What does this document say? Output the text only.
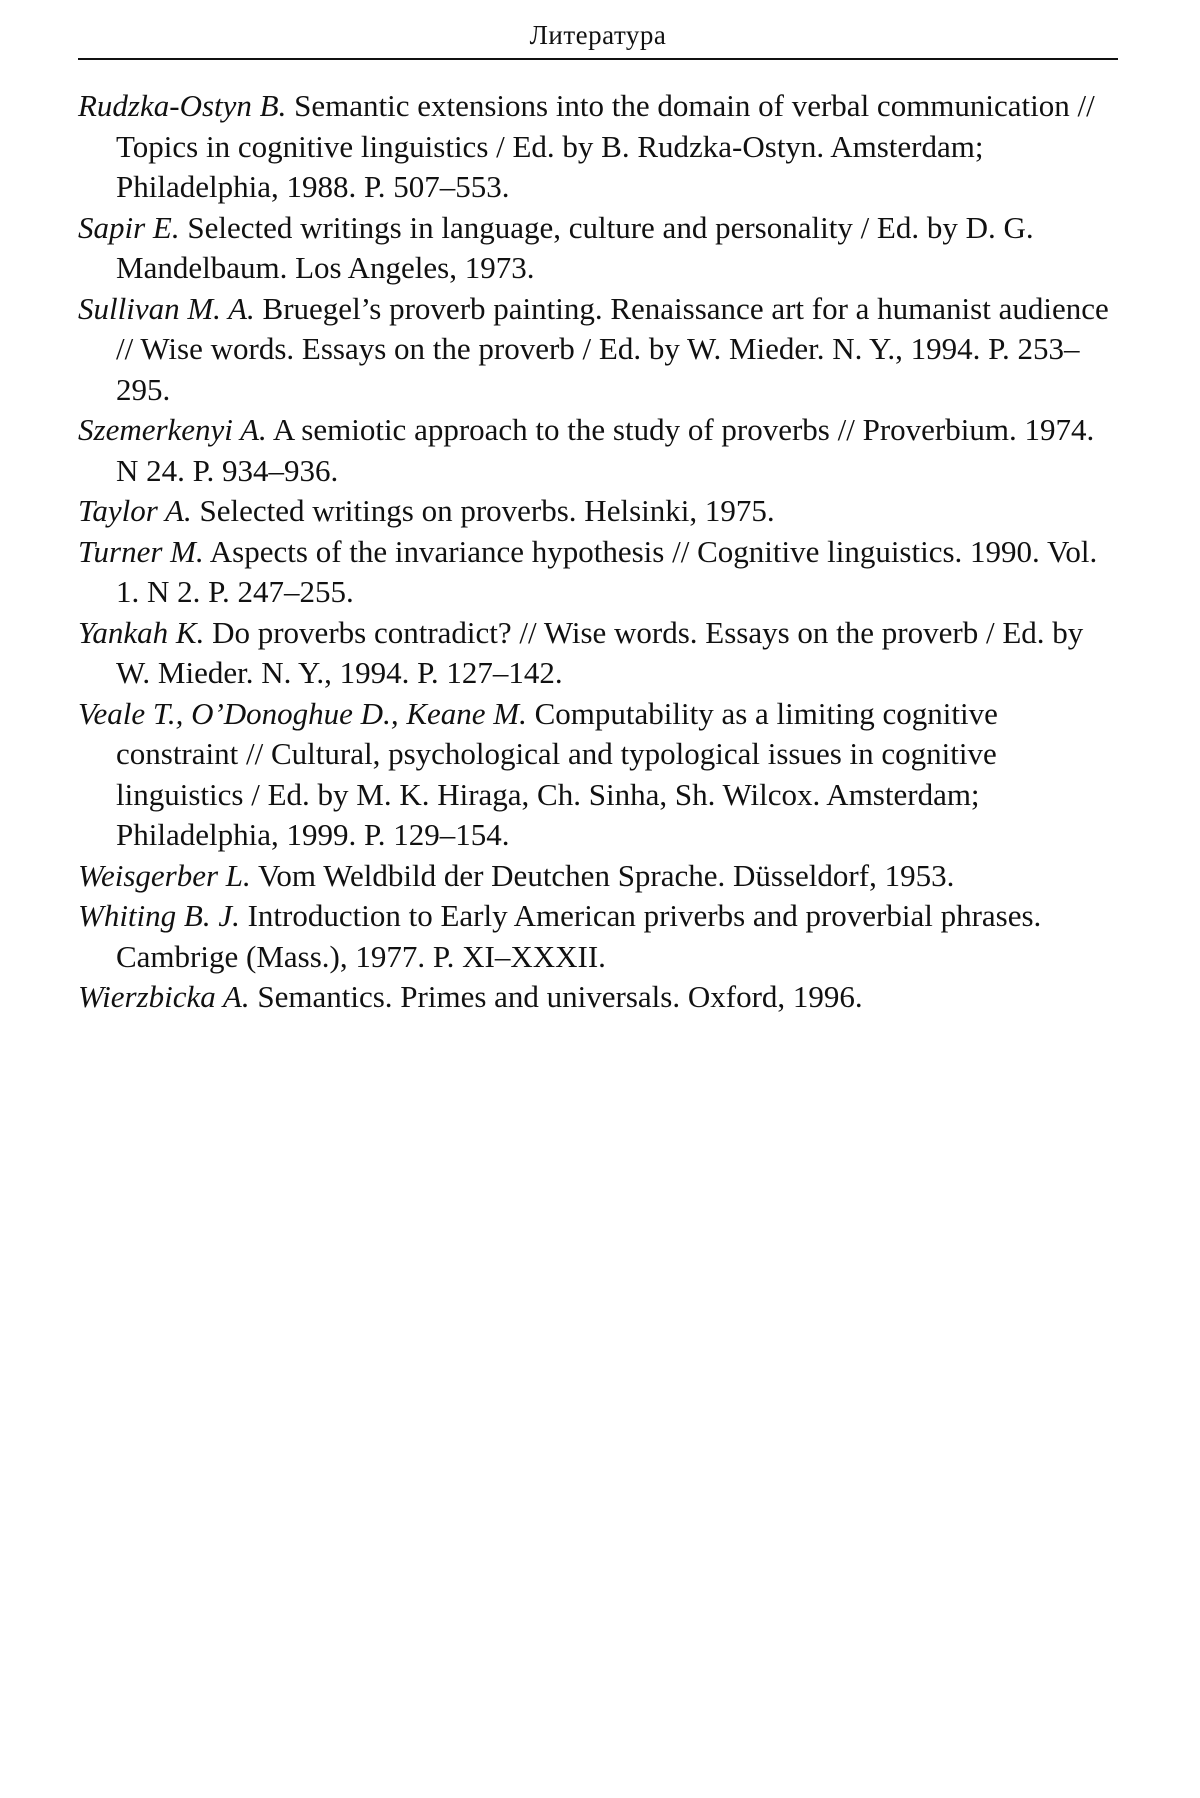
Литература
Rudzka-Ostyn B. Semantic extensions into the domain of verbal communication // Topics in cognitive linguistics / Ed. by B. Rudzka-Ostyn. Amsterdam; Philadelphia, 1988. P. 507–553.
Sapir E. Selected writings in language, culture and personality / Ed. by D. G. Mandelbaum. Los Angeles, 1973.
Sullivan M. A. Bruegel’s proverb painting. Renaissance art for a humanist audience // Wise words. Essays on the proverb / Ed. by W. Mieder. N. Y., 1994. P. 253–295.
Szemerkenyi A. A semiotic approach to the study of proverbs // Proverbium. 1974. N 24. P. 934–936.
Taylor A. Selected writings on proverbs. Helsinki, 1975.
Turner M. Aspects of the invariance hypothesis // Cognitive linguistics. 1990. Vol. 1. N 2. P. 247–255.
Yankah K. Do proverbs contradict? // Wise words. Essays on the proverb / Ed. by W. Mieder. N. Y., 1994. P. 127–142.
Veale T., O’Donoghue D., Keane M. Computability as a limiting cognitive constraint // Cultural, psychological and typological issues in cognitive linguistics / Ed. by M. K. Hiraga, Ch. Sinha, Sh. Wilcox. Amsterdam; Philadelphia, 1999. P. 129–154.
Weisgerber L. Vom Weldbild der Deutchen Sprache. Düsseldorf, 1953.
Whiting B. J. Introduction to Early American priverbs and proverbial phrases. Cambrige (Mass.), 1977. P. XI–XXXII.
Wierzbicka A. Semantics. Primes and universals. Oxford, 1996.
